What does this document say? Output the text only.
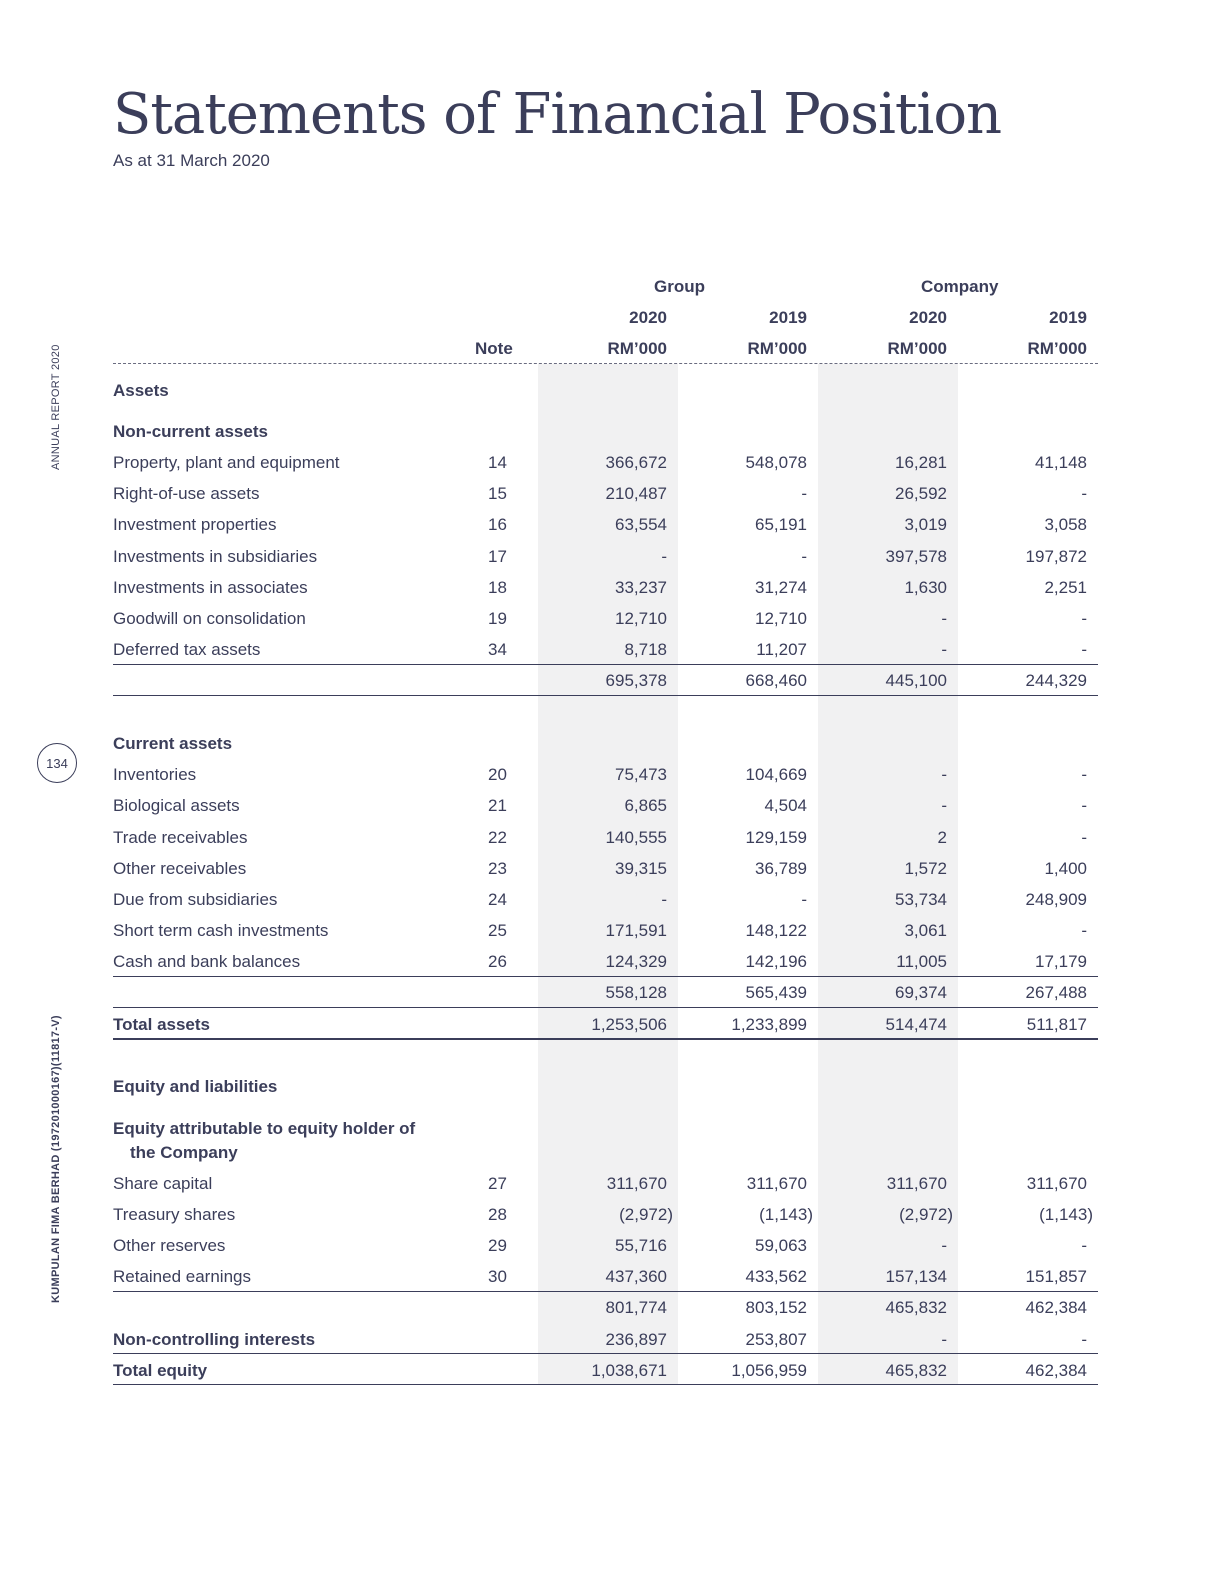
Statements of Financial Position
As at 31 March 2020
ANNUAL REPORT 2020
KUMPULAN FIMA BERHAD (197201000167)(11817-V)
134
Group	Company
2020	2019	2020	2019
Note	RM’000	RM’000	RM’000	RM’000
Assets
Non-current assets
Property, plant and equipment	14	366,672	548,078	16,281	41,148
Right-of-use assets	15	210,487	-	26,592	-
Investment properties	16	63,554	65,191	3,019	3,058
Investments in subsidiaries	17	-	-	397,578	197,872
Investments in associates	18	33,237	31,274	1,630	2,251
Goodwill on consolidation	19	12,710	12,710	-	-
Deferred tax assets	34	8,718	11,207	-	-
695,378	668,460	445,100	244,329
Current assets
Inventories	20	75,473	104,669	-	-
Biological assets	21	6,865	4,504	-	-
Trade receivables	22	140,555	129,159	2	-
Other receivables	23	39,315	36,789	1,572	1,400
Due from subsidiaries	24	-	-	53,734	248,909
Short term cash investments	25	171,591	148,122	3,061	-
Cash and bank balances	26	124,329	142,196	11,005	17,179
558,128	565,439	69,374	267,488
Total assets	1,253,506	1,233,899	514,474	511,817
Equity and liabilities
Equity attributable to equity holder of
the Company
Share capital	27	311,670	311,670	311,670	311,670
Treasury shares	28	(2,972)	(1,143)	(2,972)	(1,143)
Other reserves	29	55,716	59,063	-	-
Retained earnings	30	437,360	433,562	157,134	151,857
801,774	803,152	465,832	462,384
Non-controlling interests	236,897	253,807	-	-
Total equity	1,038,671	1,056,959	465,832	462,384
